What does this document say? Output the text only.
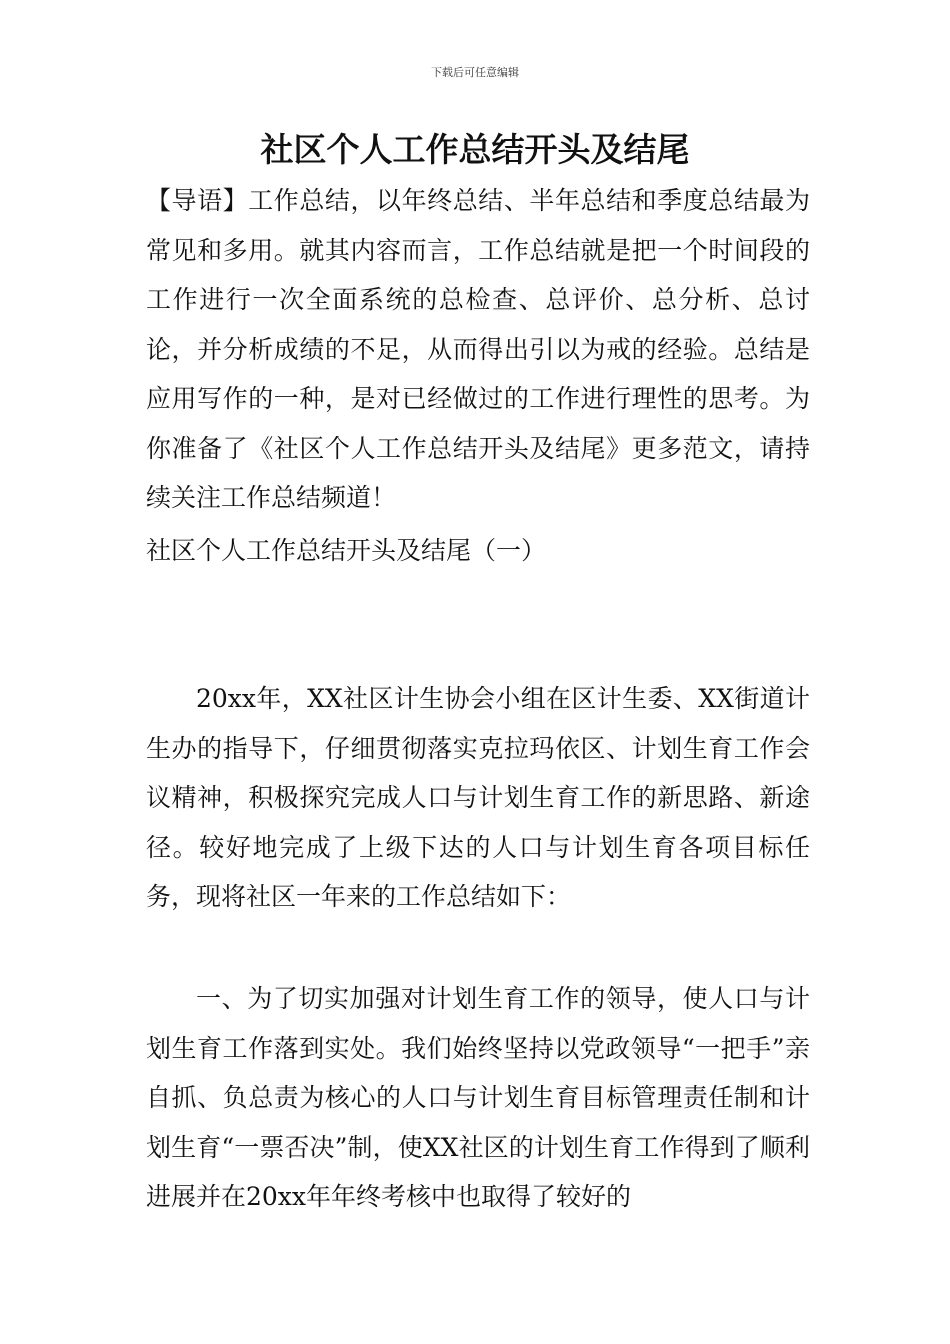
下载后可任意编辑
社区个人工作总结开头及结尾

【导语】工作总结，以年终总结、半年总结和季度总结最为常见和多用。就其内容而言，工作总结就是把一个时间段的工作进行一次全面系统的总检查、总评价、总分析、总讨论，并分析成绩的不足，从而得出引以为戒的经验。总结是应用写作的一种，是对已经做过的工作进行理性的思考。为你准备了《社区个人工作总结开头及结尾》更多范文，请持续关注工作总结频道！

社区个人工作总结开头及结尾（一）

20xx年，XX社区计生协会小组在区计生委、XX街道计生办的指导下，仔细贯彻落实克拉玛依区、计划生育工作会议精神，积极探究完成人口与计划生育工作的新思路、新途径。较好地完成了上级下达的人口与计划生育各项目标任务，现将社区一年来的工作总结如下：

一、为了切实加强对计划生育工作的领导，使人口与计划生育工作落到实处。我们始终坚持以党政领导“一把手”亲自抓、负总责为核心的人口与计划生育目标管理责任制和计划生育“一票否决”制，使XX社区的计划生育工作得到了顺利进展并在20xx年年终考核中也取得了较好的
